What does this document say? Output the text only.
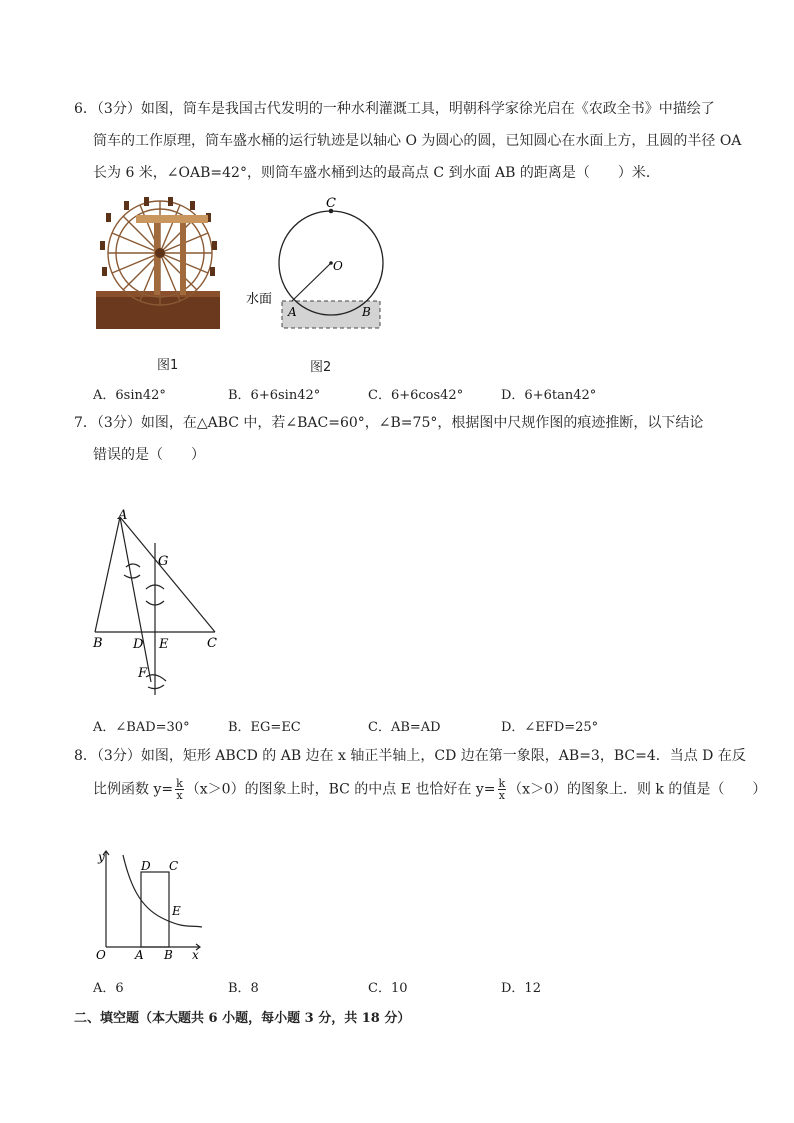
6．（3分）如图，筒车是我国古代发明的一种水利灌溉工具，明朝科学家徐光启在《农政全书》中描绘了
筒车的工作原理，筒车盛水桶的运行轨迹是以轴心 O 为圆心的圆，已知圆心在水面上方，且圆的半径 OA
长为 6 米，∠OAB=42°，则筒车盛水桶到达的最高点 C 到水面 AB 的距离是（　　）米．
图1
C
O
A	B
水面
图2
A．6sin42°	B．6+6sin42°	C．6+6cos42°	D．6+6tan42°
7．（3分）如图，在△ABC 中，若∠BAC=60°，∠B=75°，根据图中尺规作图的痕迹推断，以下结论
错误的是（　　）
A
B	C
D E
F
G
A．∠BAD=30°	B．EG=EC	C．AB=AD	D．∠EFD=25°
8．（3分）如图，矩形 ABCD 的 AB 边在 x 轴正半轴上，CD 边在第一象限，AB=3，BC=4．当点 D 在反
比例函数 $y= \frac{k}{x} (x>0)$的图象上时，BC 的中点 E 也恰好在 $y= \frac{k}{x} (x>0)$的图象上．则 k 的值是（　　）
y
x
O A B
C
D
E
A．6	B．8	C．10	D．12
二、填空题（本大题共 6 小题，每小题 3 分，共 18 分）
